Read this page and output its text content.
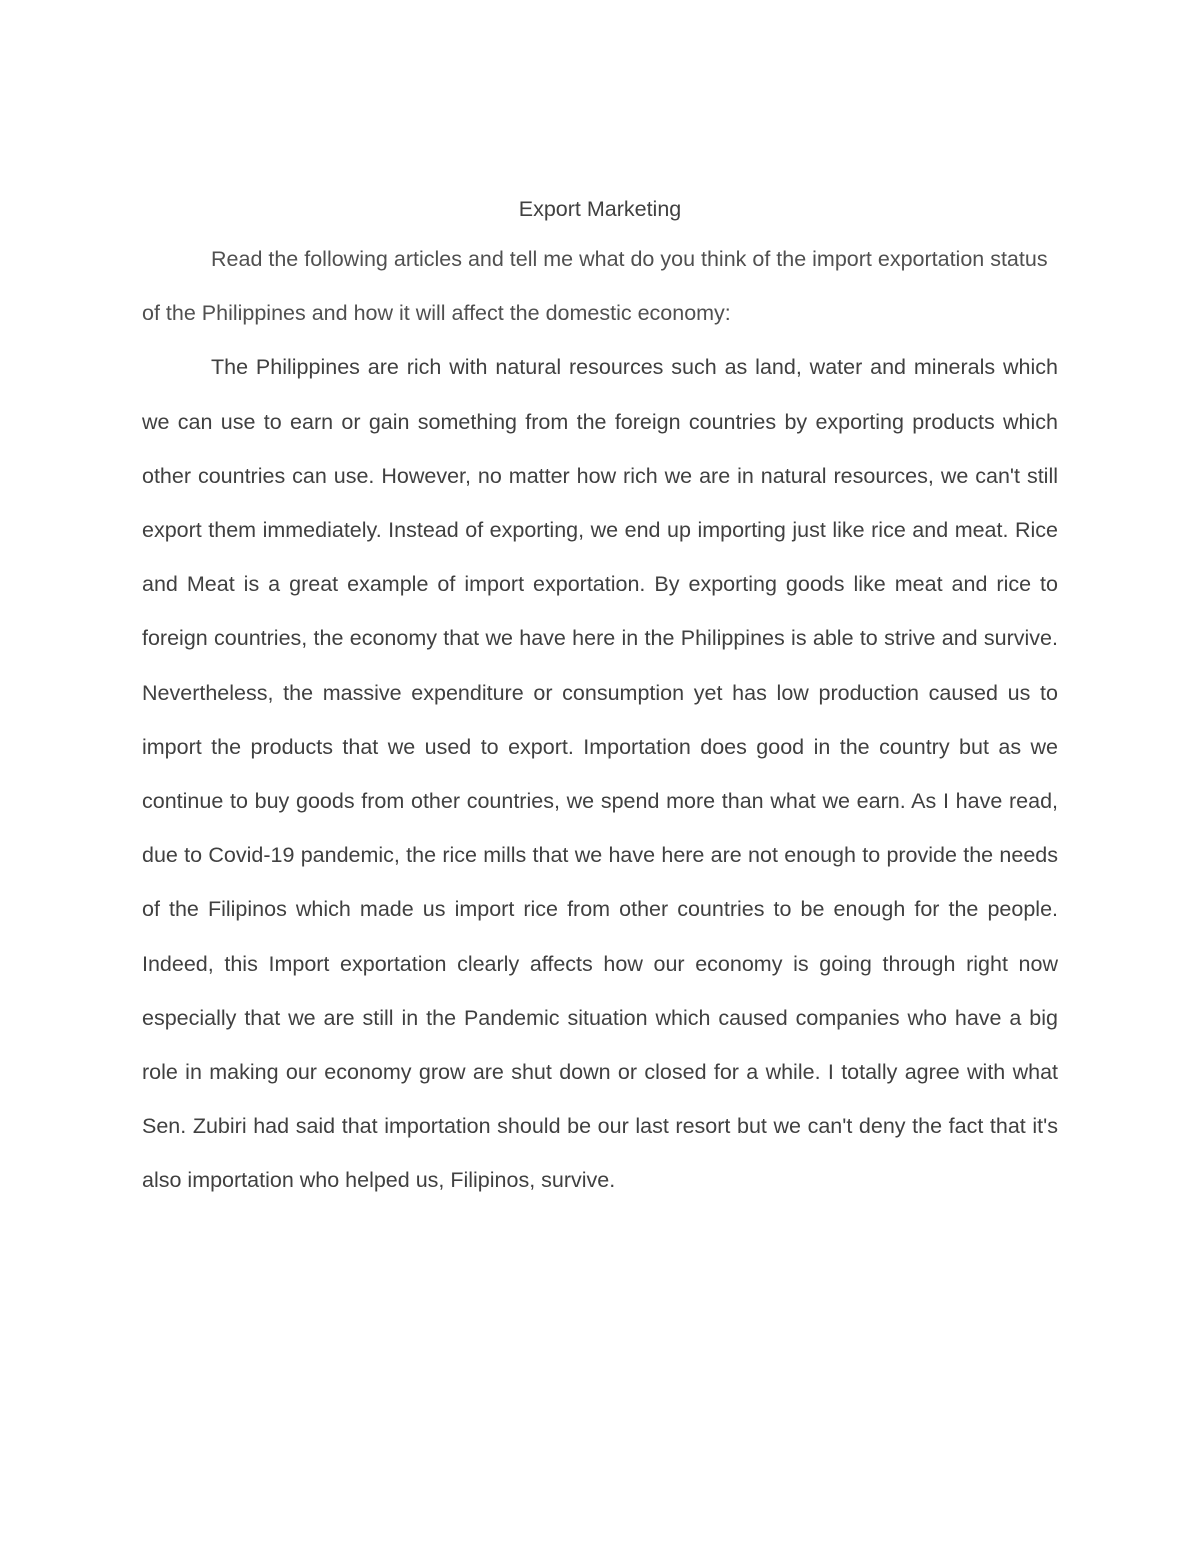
Export Marketing

Read the following articles and tell me what do you think of the import exportation status of the Philippines and how it will affect the domestic economy:

The Philippines are rich with natural resources such as land, water and minerals which we can use to earn or gain something from the foreign countries by exporting products which other countries can use. However, no matter how rich we are in natural resources, we can't still export them immediately. Instead of exporting, we end up importing just like rice and meat. Rice and Meat is a great example of import exportation. By exporting goods like meat and rice to foreign countries, the economy that we have here in the Philippines is able to strive and survive. Nevertheless, the massive expenditure or consumption yet has low production caused us to import the products that we used to export. Importation does good in the country but as we continue to buy goods from other countries, we spend more than what we earn. As I have read, due to Covid-19 pandemic, the rice mills that we have here are not enough to provide the needs of the Filipinos which made us import rice from other countries to be enough for the people. Indeed, this Import exportation clearly affects how our economy is going through right now especially that we are still in the Pandemic situation which caused companies who have a big role in making our economy grow are shut down or closed for a while. I totally agree with what Sen. Zubiri had said that importation should be our last resort but we can't deny the fact that it's also importation who helped us, Filipinos, survive.
